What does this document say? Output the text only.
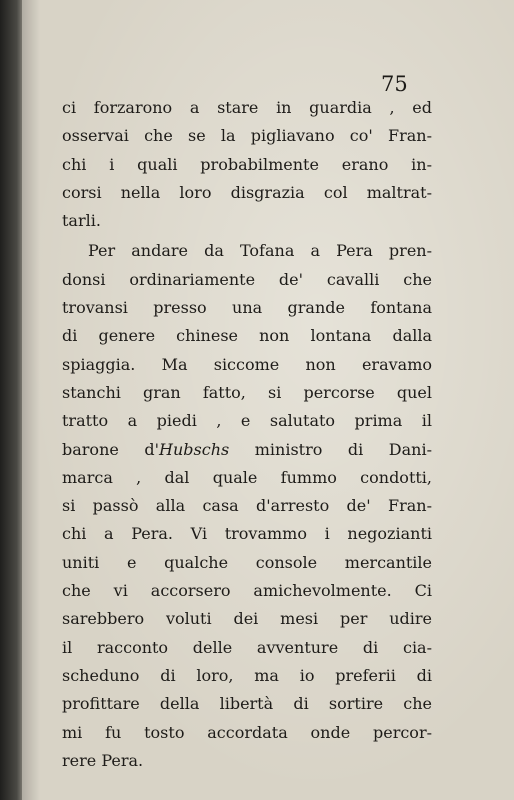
75
ci forzarono a stare in guardia , ed
osservai che se la pigliavano co' Fran-
chi i quali probabilmente erano in-
corsi nella loro disgrazia col maltrat-
tarli.
Per andare da Tofana a Pera pren-
donsi ordinariamente de' cavalli che
trovansi presso una grande fontana
di genere chinese non lontana dalla
spiaggia. Ma siccome non eravamo
stanchi gran fatto, si percorse quel
tratto a piedi , e salutato prima il
barone d'Hubschs ministro di Dani-
marca , dal quale fummo condotti,
si passò alla casa d'arresto de' Fran-
chi a Pera. Vi trovammo i negozianti
uniti e qualche console mercantile
che vi accorsero amichevolmente. Ci
sarebbero voluti dei mesi per udire
il racconto delle avventure di cia-
scheduno di loro, ma io preferii di
profittare della libertà di sortire che
mi fu tosto accordata onde percor-
rere Pera.
